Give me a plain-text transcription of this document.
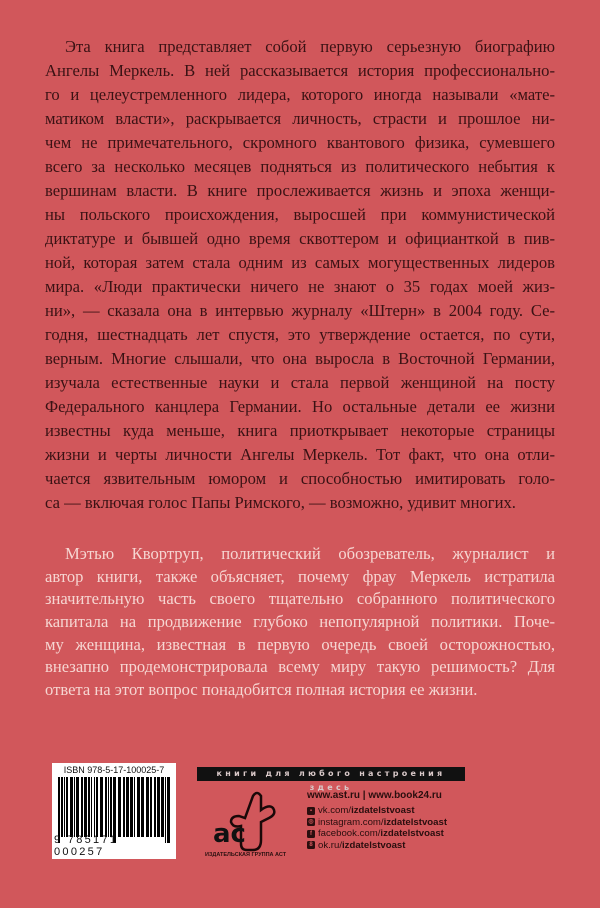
Эта книга представляет собой первую серьезную биографию
Ангелы Меркель. В ней рассказывается история профессионально-
го и целеустремленного лидера, которого иногда называли «мате-
матиком власти», раскрывается личность, страсти и прошлое ни-
чем не примечательного, скромного квантового физика, сумевшего
всего за несколько месяцев подняться из политического небытия к
вершинам власти. В книге прослеживается жизнь и эпоха женщи-
ны польского происхождения, выросшей при коммунистической
диктатуре и бывшей одно время сквоттером и официанткой в пив-
ной, которая затем стала одним из самых могущественных лидеров
мира. «Люди практически ничего не знают о 35 годах моей жиз-
ни», — сказала она в интервью журналу «Штерн» в 2004 году. Се-
годня, шестнадцать лет спустя, это утверждение остается, по сути,
верным. Многие слышали, что она выросла в Восточной Германии,
изучала естественные науки и стала первой женщиной на посту
Федерального канцлера Германии. Но остальные детали ее жизни
известны куда меньше, книга приоткрывает некоторые страницы
жизни и черты личности Ангелы Меркель. Тот факт, что она отли-
чается язвительным юмором и способностью имитировать голо-
са — включая голос Папы Римского, — возможно, удивит многих.
Мэтью Квортруп, политический обозреватель, журналист и
автор книги, также объясняет, почему фрау Меркель истратила
значительную часть своего тщательно собранного политического
капитала на продвижение глубоко непопулярной политики. Поче-
му женщина, известная в первую очередь своей осторожностью,
внезапно продемонстрировала всему миру такую решимость? Для
ответа на этот вопрос понадобится полная история ее жизни.
ISBN 978-5-17-100025-7
9 785171 000257
книги для любого настроения здесь
ac
ИЗДАТЕЛЬСКАЯ ГРУППА АСТ
www.ast.ru | www.book24.ru
▪ vk.com/izdatelstvoast
◎ instagram.com/izdatelstvoast
f facebook.com/izdatelstvoast
8 ok.ru/izdatelstvoast
